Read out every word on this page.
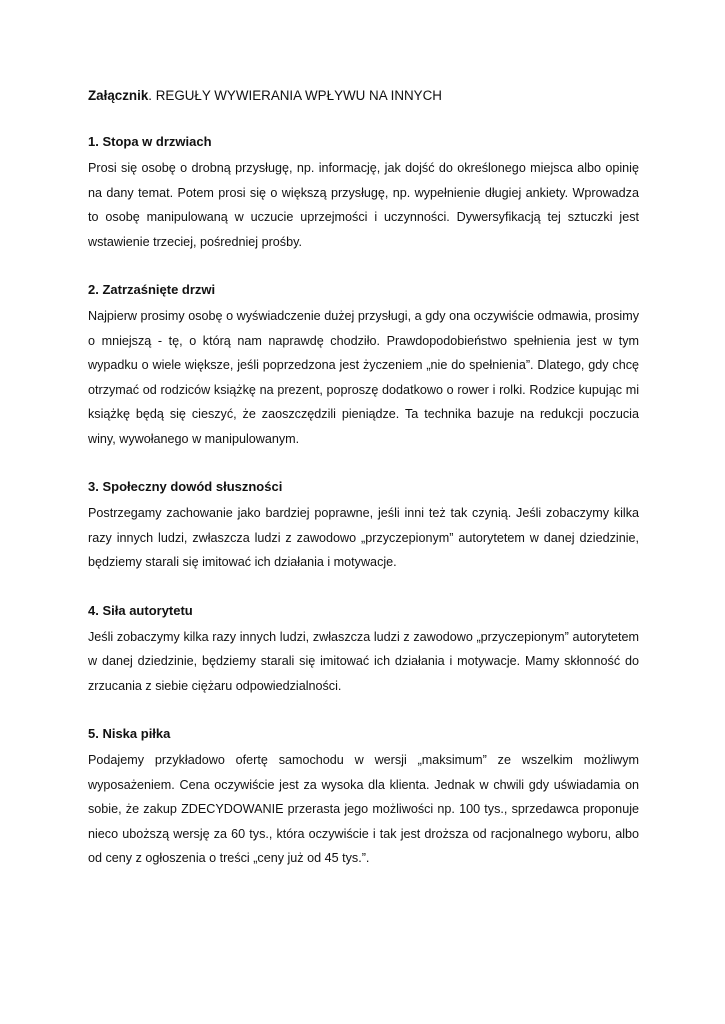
Załącznik. REGUŁY WYWIERANIA WPŁYWU NA INNYCH

1. Stopa w drzwiach

Prosi się osobę o drobną przysługę, np. informację, jak dojść do określonego miejsca albo opinię na dany temat. Potem prosi się o większą przysługę, np. wypełnienie długiej ankiety. Wprowadza to osobę manipulowaną w uczucie uprzejmości i uczynności. Dywersyfikacją tej sztuczki jest wstawienie trzeciej, pośredniej prośby.

2. Zatrzaśnięte drzwi

Najpierw prosimy osobę o wyświadczenie dużej przysługi, a gdy ona oczywiście odmawia, prosimy o mniejszą - tę, o którą nam naprawdę chodziło. Prawdopodobieństwo spełnienia jest w tym wypadku o wiele większe, jeśli poprzedzona jest życzeniem „nie do spełnienia”. Dlatego, gdy chcę otrzymać od rodziców książkę na prezent, poproszę dodatkowo o rower i rolki. Rodzice kupując mi książkę będą się cieszyć, że zaoszczędzili pieniądze. Ta technika bazuje na redukcji poczucia winy, wywołanego w manipulowanym.

3. Społeczny dowód słuszności

Postrzegamy zachowanie jako bardziej poprawne, jeśli inni też tak czynią. Jeśli zobaczymy kilka razy innych ludzi, zwłaszcza ludzi z zawodowo „przyczepionym” autorytetem w danej dziedzinie, będziemy starali się imitować ich działania i motywacje.

4. Siła autorytetu

Jeśli zobaczymy kilka razy innych ludzi, zwłaszcza ludzi z zawodowo „przyczepionym” autorytetem w danej dziedzinie, będziemy starali się imitować ich działania i motywacje. Mamy skłonność do zrzucania z siebie ciężaru odpowiedzialności.

5. Niska piłka

Podajemy przykładowo ofertę samochodu w wersji „maksimum” ze wszelkim możliwym wyposażeniem. Cena oczywiście jest za wysoka dla klienta. Jednak w chwili gdy uświadamia on sobie, że zakup ZDECYDOWANIE przerasta jego możliwości np. 100 tys., sprzedawca proponuje nieco uboższą wersję za 60 tys., która oczywiście i tak jest droższa od racjonalnego wyboru, albo od ceny z ogłoszenia o treści „ceny już od 45 tys.”.
